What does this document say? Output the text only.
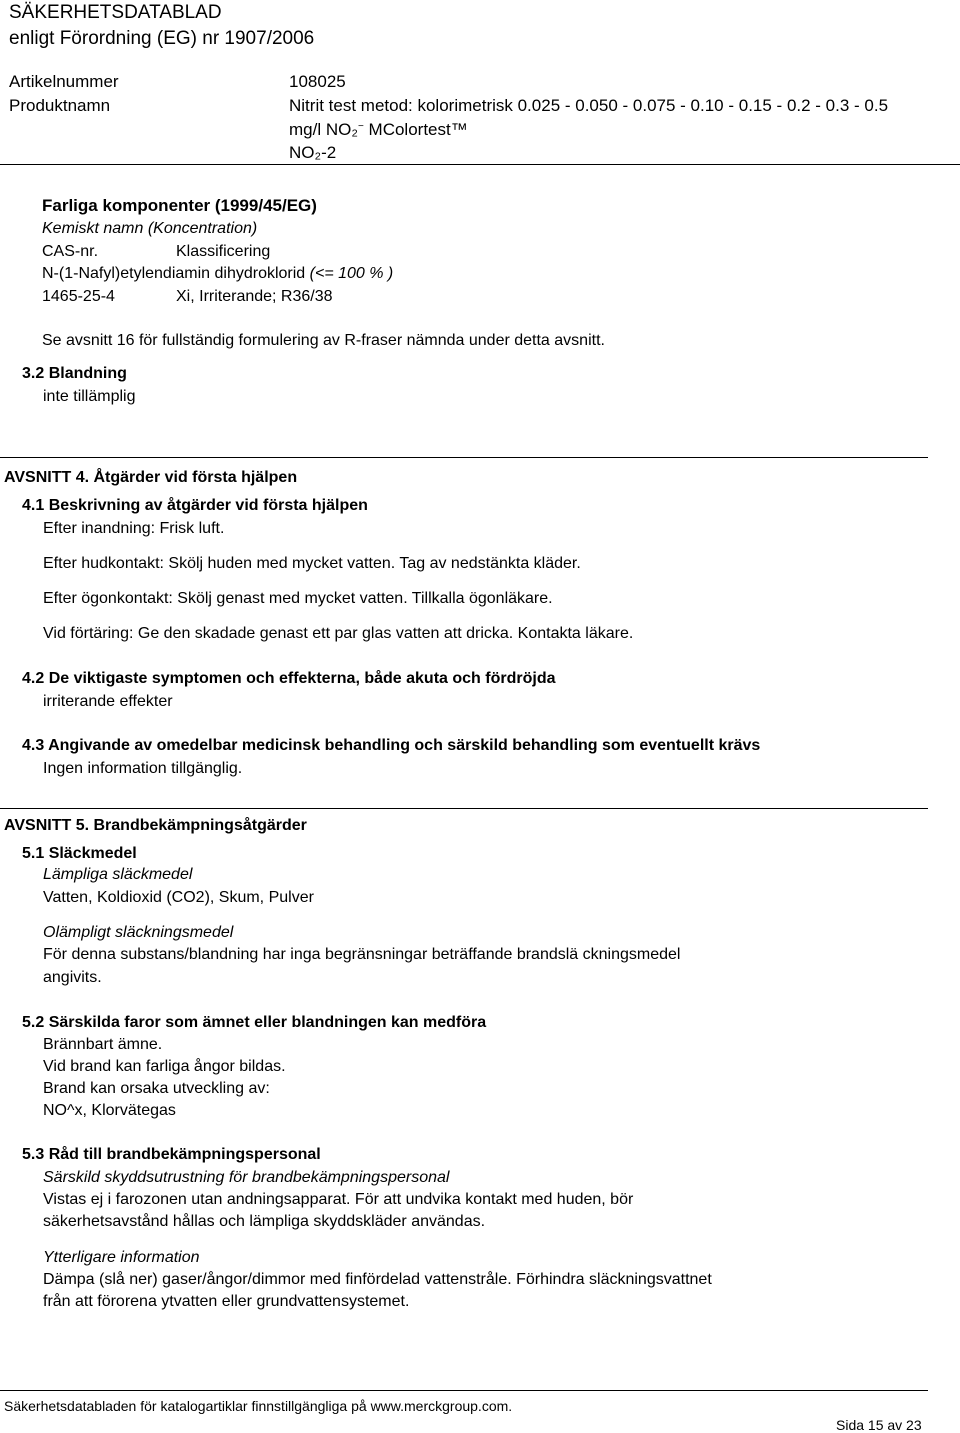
SÄKERHETSDATABLAD
enligt Förordning (EG) nr 1907/2006
Artikelnummer	108025
Produktnamn	Nitrit test metod: kolorimetrisk 0.025 - 0.050 - 0.075 - 0.10 - 0.15 - 0.2 - 0.3 - 0.5
mg/l NO₂− MColortest™
NO₂-2
Farliga komponenter (1999/45/EG)
Kemiskt namn (Koncentration)
CAS-nr.	Klassificering
N-(1-Nafyl)etylendiamin dihydroklorid (<= 100 % )
1465-25-4	Xi, Irriterande; R36/38
Se avsnitt 16 för fullständig formulering av R-fraser nämnda under detta avsnitt.
3.2 Blandning
inte tillämplig
AVSNITT 4. Åtgärder vid första hjälpen
4.1 Beskrivning av åtgärder vid första hjälpen
Efter inandning: Frisk luft.
Efter hudkontakt: Skölj huden med mycket vatten. Tag av nedstänkta kläder.
Efter ögonkontakt: Skölj genast med mycket vatten. Tillkalla ögonläkare.
Vid förtäring: Ge den skadade genast ett par glas vatten att dricka. Kontakta läkare.
4.2 De viktigaste symptomen och effekterna, både akuta och fördröjda
irriterande effekter
4.3 Angivande av omedelbar medicinsk behandling och särskild behandling som eventuellt krävs
Ingen information tillgänglig.
AVSNITT 5. Brandbekämpningsåtgärder
5.1 Släckmedel
Lämpliga släckmedel
Vatten, Koldioxid (CO2), Skum, Pulver
Olämpligt släckningsmedel
För denna substans/blandning har inga begränsningar beträffande brandslä ckningsmedel
angivits.
5.2 Särskilda faror som ämnet eller blandningen kan medföra
Brännbart ämne.
Vid brand kan farliga ångor bildas.
Brand kan orsaka utveckling av:
NO^x, Klorvätegas
5.3 Råd till brandbekämpningspersonal
Särskild skyddsutrustning för brandbekämpningspersonal
Vistas ej i farozonen utan andningsapparat. För att undvika kontakt med huden, bör
säkerhetsavstånd hållas och lämpliga skyddskläder användas.
Ytterligare information
Dämpa (slå ner) gaser/ångor/dimmor med finfördelad vattenstråle. Förhindra släckningsvattnet
från att förorena ytvatten eller grundvattensystemet.
Säkerhetsdatabladen för katalogartiklar finnstillgängliga på www.merckgroup.com.
Sida 15 av 23
